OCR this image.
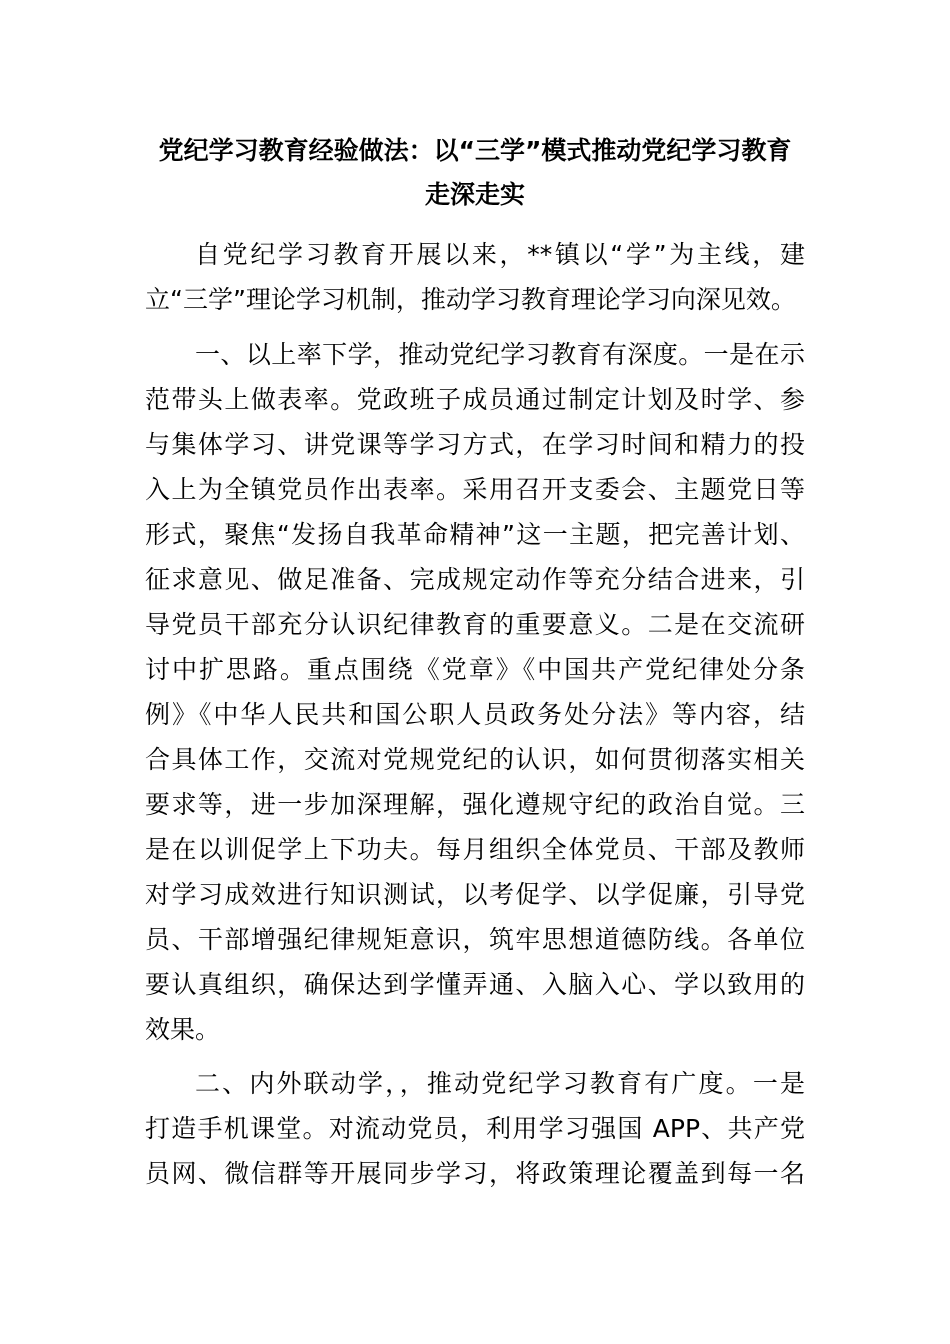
党纪学习教育经验做法：以“三学”模式推动党纪学习教育
走深走实
自党纪学习教育开展以来，**镇以“学”为主线，建
立“三学”理论学习机制，推动学习教育理论学习向深见效。
一、以上率下学，推动党纪学习教育有深度。一是在示
范带头上做表率。党政班子成员通过制定计划及时学、参
与集体学习、讲党课等学习方式，在学习时间和精力的投
入上为全镇党员作出表率。采用召开支委会、主题党日等
形式，聚焦“发扬自我革命精神”这一主题，把完善计划、
征求意见、做足准备、完成规定动作等充分结合进来，引
导党员干部充分认识纪律教育的重要意义。二是在交流研
讨中扩思路。重点围绕《党章》《中国共产党纪律处分条
例》《中华人民共和国公职人员政务处分法》等内容，结
合具体工作，交流对党规党纪的认识，如何贯彻落实相关
要求等，进一步加深理解，强化遵规守纪的政治自觉。三
是在以训促学上下功夫。每月组织全体党员、干部及教师
对学习成效进行知识测试，以考促学、以学促廉，引导党
员、干部增强纪律规矩意识，筑牢思想道德防线。各单位
要认真组织，确保达到学懂弄通、入脑入心、学以致用的
效果。
二、内外联动学，，推动党纪学习教育有广度。一是
打造手机课堂。对流动党员，利用学习强国 APP、共产党
员网、微信群等开展同步学习，将政策理论覆盖到每一名
